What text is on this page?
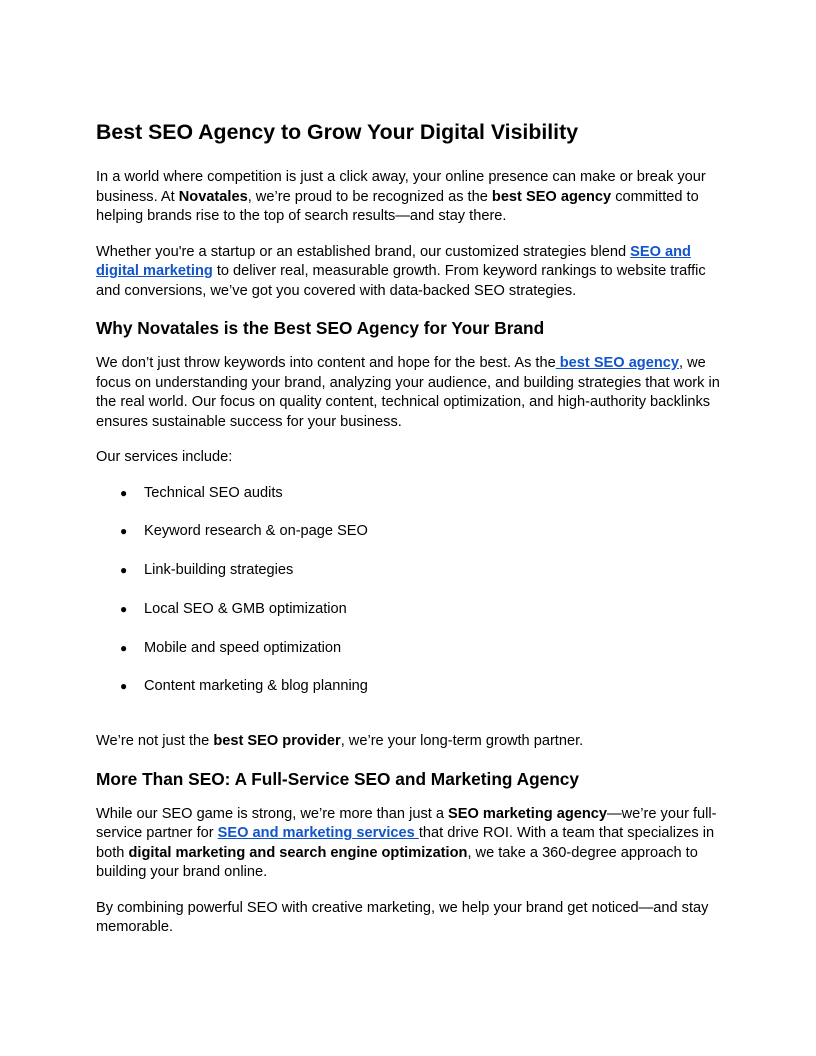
Best SEO Agency to Grow Your Digital Visibility

In a world where competition is just a click away, your online presence can make or break your business. At Novatales, we’re proud to be recognized as the best SEO agency committed to helping brands rise to the top of search results—and stay there.

Whether you're a startup or an established brand, our customized strategies blend SEO and digital marketing to deliver real, measurable growth. From keyword rankings to website traffic and conversions, we’ve got you covered with data-backed SEO strategies.

Why Novatales is the Best SEO Agency for Your Brand

We don’t just throw keywords into content and hope for the best. As the best SEO agency, we focus on understanding your brand, analyzing your audience, and building strategies that work in the real world. Our focus on quality content, technical optimization, and high-authority backlinks ensures sustainable success for your business.

Our services include:

● Technical SEO audits
● Keyword research & on-page SEO
● Link-building strategies
● Local SEO & GMB optimization
● Mobile and speed optimization
● Content marketing & blog planning

We’re not just the best SEO provider, we’re your long-term growth partner.

More Than SEO: A Full-Service SEO and Marketing Agency

While our SEO game is strong, we’re more than just a SEO marketing agency—we’re your full-service partner for SEO and marketing services that drive ROI. With a team that specializes in both digital marketing and search engine optimization, we take a 360-degree approach to building your brand online.

By combining powerful SEO with creative marketing, we help your brand get noticed—and stay memorable.
